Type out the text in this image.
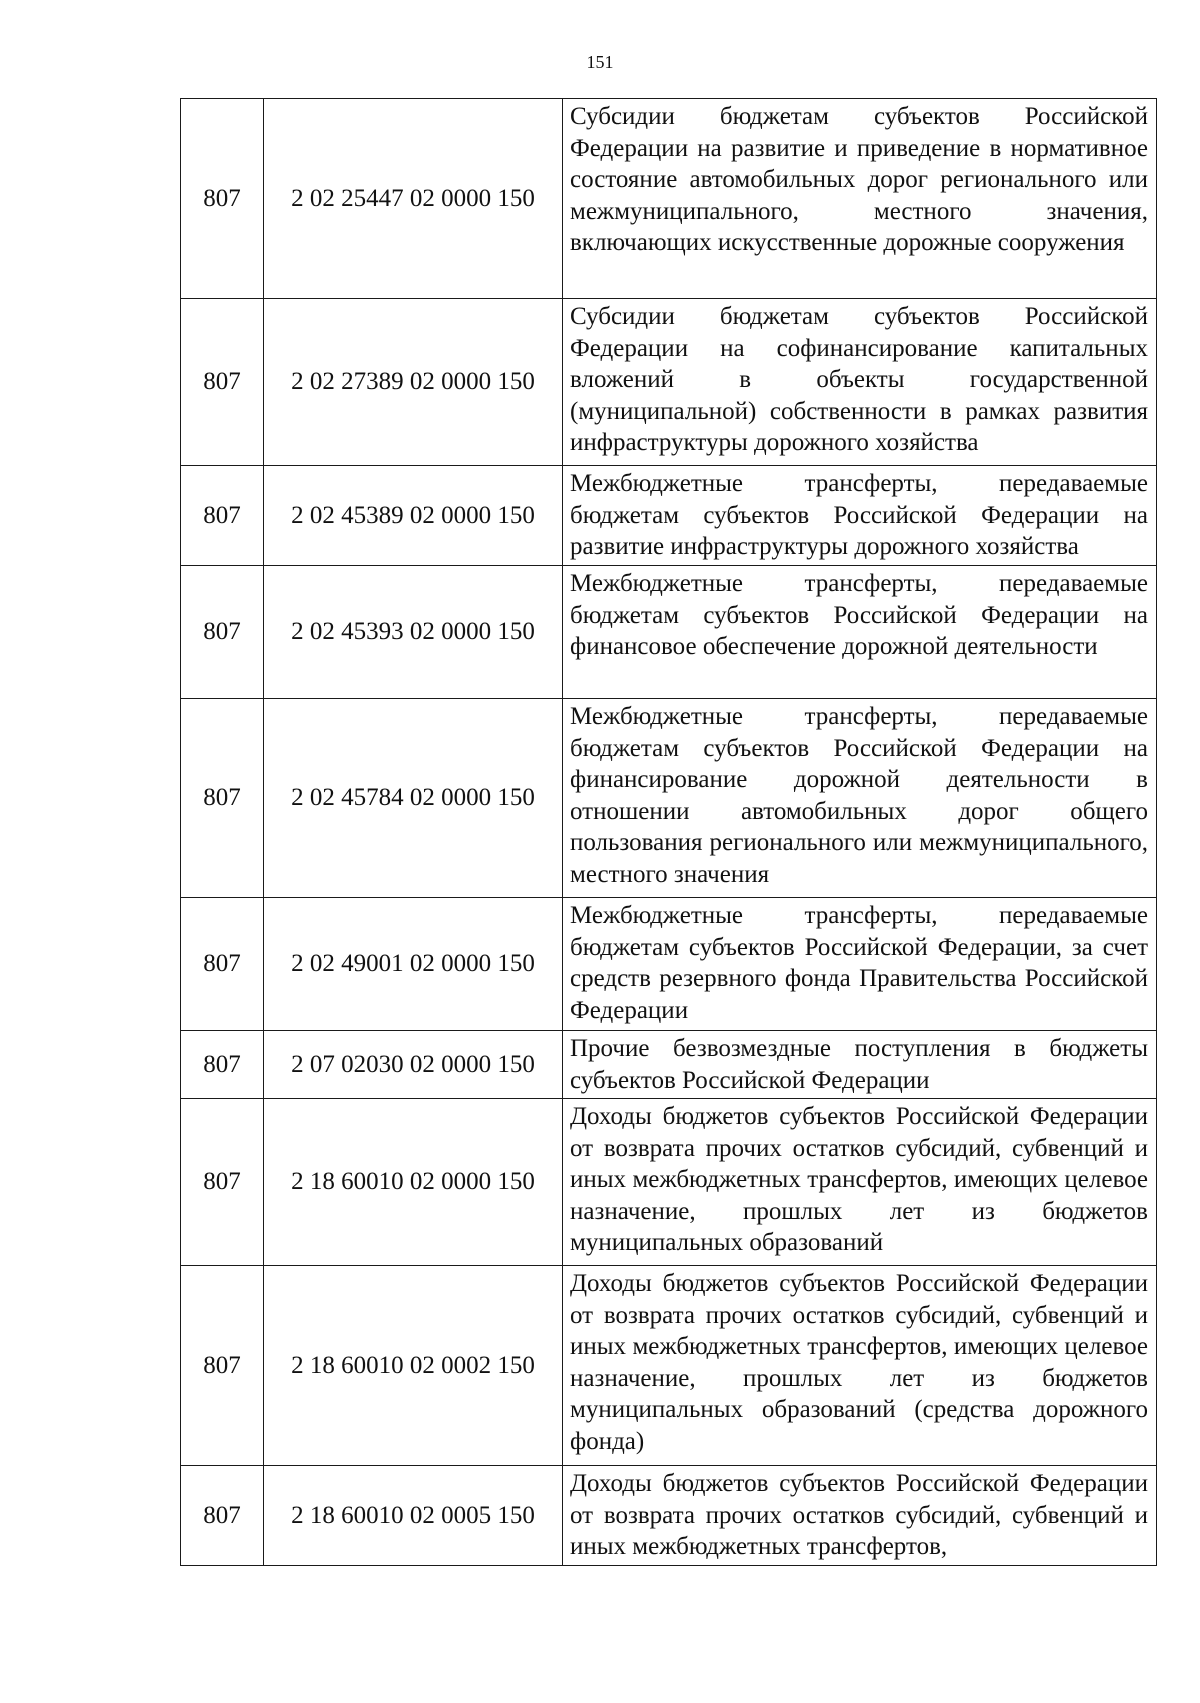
151
807	2 02 25447 02 0000 150	Субсидии бюджетам субъектов Российской Федерации на развитие и приведение в нормативное состояние автомобильных дорог регионального или межмуниципального, местного значения, включающих искусственные дорожные сооружения

807	2 02 27389 02 0000 150	Субсидии бюджетам субъектов Российской Федерации на софинансирование капитальных вложений в объекты государственной (муниципальной) собственности в рамках развития инфраструктуры дорожного хозяйства

807	2 02 45389 02 0000 150	Межбюджетные трансферты, передаваемые бюджетам субъектов Российской Федерации на развитие инфраструктуры дорожного хозяйства

807	2 02 45393 02 0000 150	Межбюджетные трансферты, передаваемые бюджетам субъектов Российской Федерации на финансовое обеспечение дорожной деятельности

807	2 02 45784 02 0000 150	Межбюджетные трансферты, передаваемые бюджетам субъектов Российской Федерации на финансирование дорожной деятельности в отношении автомобильных дорог общего пользования регионального или межмуниципального, местного значения

807	2 02 49001 02 0000 150	Межбюджетные трансферты, передаваемые бюджетам субъектов Российской Федерации, за счет средств резервного фонда Правительства Российской Федерации

807	2 07 02030 02 0000 150	Прочие безвозмездные поступления в бюджеты субъектов Российской Федерации

807	2 18 60010 02 0000 150	Доходы бюджетов субъектов Российской Федерации от возврата прочих остатков субсидий, субвенций и иных межбюджетных трансфертов, имеющих целевое назначение, прошлых лет из бюджетов муниципальных образований

807	2 18 60010 02 0002 150	Доходы бюджетов субъектов Российской Федерации от возврата прочих остатков субсидий, субвенций и иных межбюджетных трансфертов, имеющих целевое назначение, прошлых лет из бюджетов муниципальных образований (средства дорожного фонда)

807	2 18 60010 02 0005 150	Доходы бюджетов субъектов Российской Федерации от возврата прочих остатков субсидий, субвенций и иных межбюджетных трансфертов,
